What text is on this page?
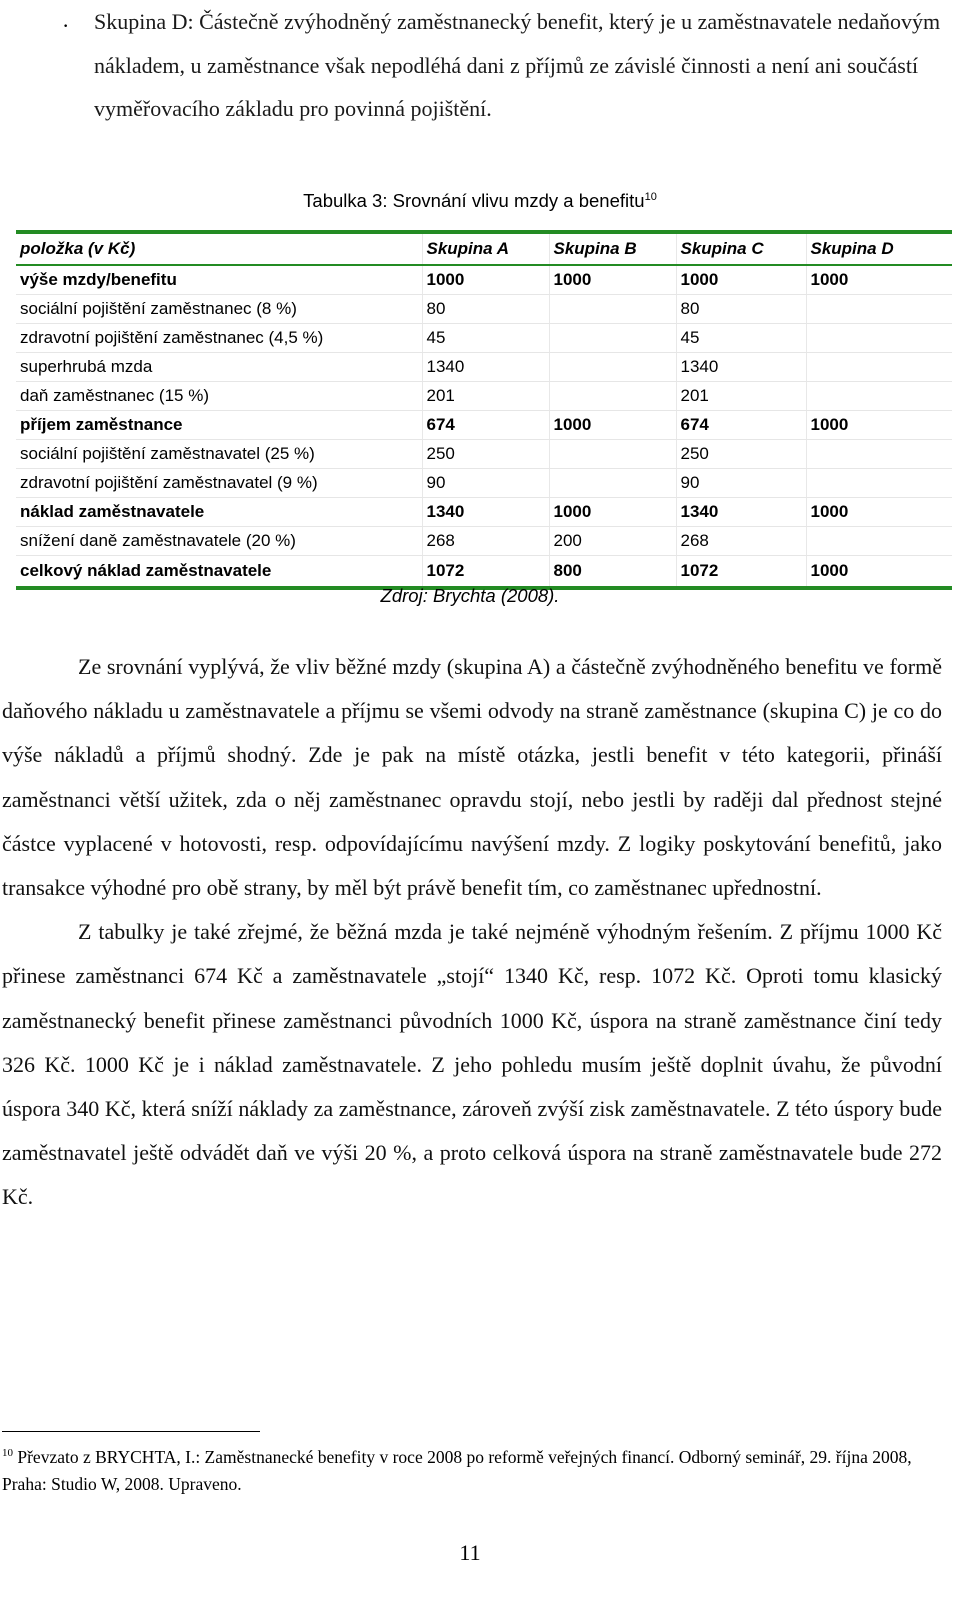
· Skupina D: Částečně zvýhodněný zaměstnanecký benefit, který je u zaměstnavatele nedaňovým nákladem, u zaměstnance však nepodléhá dani z příjmů ze závislé činnosti a není ani součástí vyměřovacího základu pro povinná pojištění.
Tabulka 3: Srovnání vlivu mzdy a benefitu$^{10}$
položka (v Kč)	Skupina A	Skupina B	Skupina C	Skupina D
výše mzdy/benefitu	1000	1000	1000	1000
sociální pojištění zaměstnanec (8 %)	80		80	
zdravotní pojištění zaměstnanec (4,5 %)	45		45	
superhrubá mzda	1340		1340	
daň zaměstnanec (15 %)	201		201	
příjem zaměstnance	674	1000	674	1000
sociální pojištění zaměstnavatel (25 %)	250		250	
zdravotní pojištění zaměstnavatel (9 %)	90		90	
náklad zaměstnavatele	1340	1000	1340	1000
snížení daně zaměstnavatele (20 %)	268	200	268	
celkový náklad zaměstnavatele	1072	800	1072	1000
Zdroj: Brychta (2008).

Ze srovnání vyplývá, že vliv běžné mzdy (skupina A) a částečně zvýhodněného benefitu ve formě daňového nákladu u zaměstnavatele a příjmu se všemi odvody na straně zaměstnance (skupina C) je co do výše nákladů a příjmů shodný. Zde je pak na místě otázka, jestli benefit v této kategorii, přináší zaměstnanci větší užitek, zda o něj zaměstnanec opravdu stojí, nebo jestli by raději dal přednost stejné částce vyplacené v hotovosti, resp. odpovídajícímu navýšení mzdy. Z logiky poskytování benefitů, jako transakce výhodné pro obě strany, by měl být právě benefit tím, co zaměstnanec upřednostní.

Z tabulky je také zřejmé, že běžná mzda je také nejméně výhodným řešením. Z příjmu 1000 Kč přinese zaměstnanci 674 Kč a zaměstnavatele „stojí“ 1340 Kč, resp. 1072 Kč. Oproti tomu klasický zaměstnanecký benefit přinese zaměstnanci původních 1000 Kč, úspora na straně zaměstnance činí tedy 326 Kč. 1000 Kč je i náklad zaměstnavatele. Z jeho pohledu musím ještě doplnit úvahu, že původní úspora 340 Kč, která sníží náklady za zaměstnance, zároveň zvýší zisk zaměstnavatele. Z této úspory bude zaměstnavatel ještě odvádět daň ve výši 20 %, a proto celková úspora na straně zaměstnavatele bude 272 Kč.

$^{10}$ Převzato z BRYCHTA, I.: Zaměstnanecké benefity v roce 2008 po reformě veřejných financí. Odborný seminář, 29. října 2008, Praha: Studio W, 2008. Upraveno.
11
